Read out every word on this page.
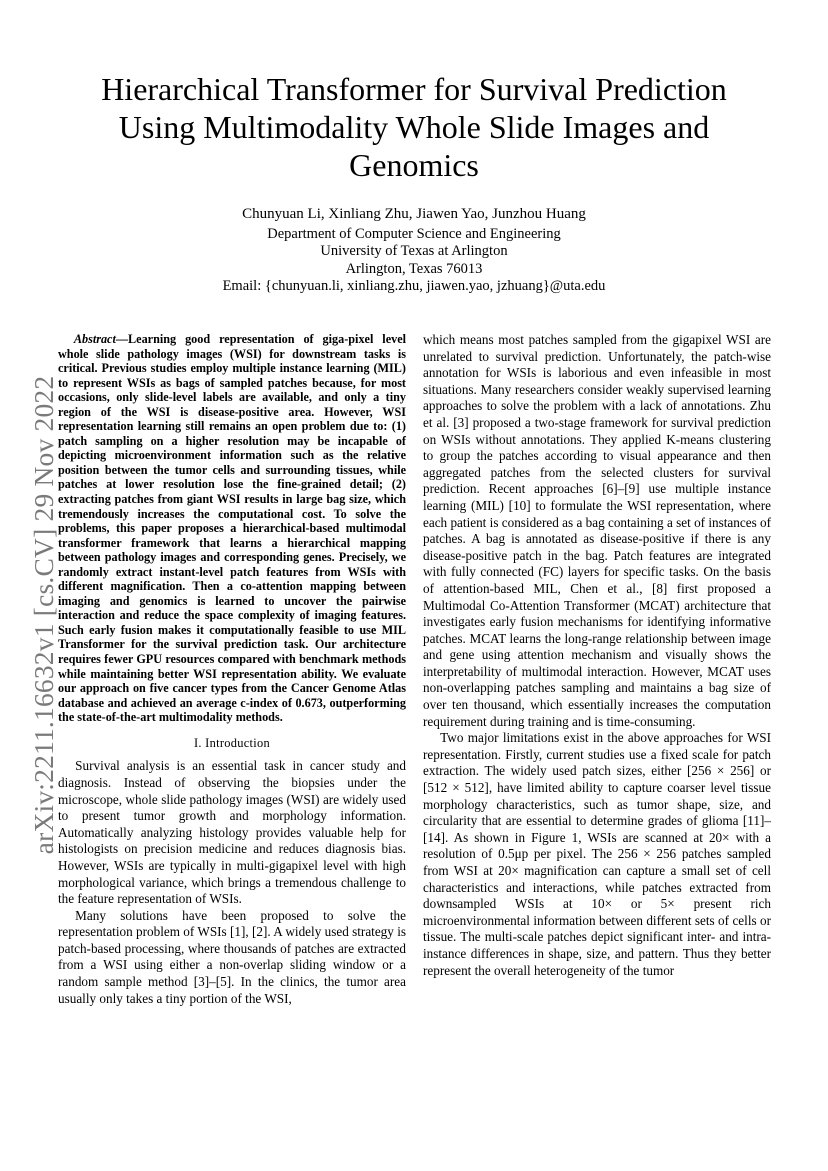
arXiv:2211.16632v1 [cs.CV] 29 Nov 2022
Hierarchical Transformer for Survival Prediction Using Multimodality Whole Slide Images and Genomics
Chunyuan Li, Xinliang Zhu, Jiawen Yao, Junzhou Huang
Department of Computer Science and Engineering
University of Texas at Arlington
Arlington, Texas 76013
Email: {chunyuan.li, xinliang.zhu, jiawen.yao, jzhuang}@uta.edu

Abstract—Learning good representation of giga-pixel level whole slide pathology images (WSI) for downstream tasks is critical. Previous studies employ multiple instance learning (MIL) to represent WSIs as bags of sampled patches because, for most occasions, only slide-level labels are available, and only a tiny region of the WSI is disease-positive area. However, WSI representation learning still remains an open problem due to: (1) patch sampling on a higher resolution may be incapable of depicting microenvironment information such as the relative position between the tumor cells and surrounding tissues, while patches at lower resolution lose the fine-grained detail; (2) extracting patches from giant WSI results in large bag size, which tremendously increases the computational cost. To solve the problems, this paper proposes a hierarchical-based multimodal transformer framework that learns a hierarchical mapping between pathology images and corresponding genes. Precisely, we randomly extract instant-level patch features from WSIs with different magnification. Then a co-attention mapping between imaging and genomics is learned to uncover the pairwise interaction and reduce the space complexity of imaging features. Such early fusion makes it computationally feasible to use MIL Transformer for the survival prediction task. Our architecture requires fewer GPU resources compared with benchmark methods while maintaining better WSI representation ability. We evaluate our approach on five cancer types from the Cancer Genome Atlas database and achieved an average c-index of 0.673, outperforming the state-of-the-art multimodality methods.

I. Introduction

Survival analysis is an essential task in cancer study and diagnosis. Instead of observing the biopsies under the microscope, whole slide pathology images (WSI) are widely used to present tumor growth and morphology information. Automatically analyzing histology provides valuable help for histologists on precision medicine and reduces diagnosis bias. However, WSIs are typically in multi-gigapixel level with high morphological variance, which brings a tremendous challenge to the feature representation of WSIs.

Many solutions have been proposed to solve the representation problem of WSIs [1], [2]. A widely used strategy is patch-based processing, where thousands of patches are extracted from a WSI using either a non-overlap sliding window or a random sample method [3]–[5]. In the clinics, the tumor area usually only takes a tiny portion of the WSI,

which means most patches sampled from the gigapixel WSI are unrelated to survival prediction. Unfortunately, the patch-wise annotation for WSIs is laborious and even infeasible in most situations. Many researchers consider weakly supervised learning approaches to solve the problem with a lack of annotations. Zhu et al. [3] proposed a two-stage framework for survival prediction on WSIs without annotations. They applied K-means clustering to group the patches according to visual appearance and then aggregated patches from the selected clusters for survival prediction. Recent approaches [6]–[9] use multiple instance learning (MIL) [10] to formulate the WSI representation, where each patient is considered as a bag containing a set of instances of patches. A bag is annotated as disease-positive if there is any disease-positive patch in the bag. Patch features are integrated with fully connected (FC) layers for specific tasks. On the basis of attention-based MIL, Chen et al., [8] first proposed a Multimodal Co-Attention Transformer (MCAT) architecture that investigates early fusion mechanisms for identifying informative patches. MCAT learns the long-range relationship between image and gene using attention mechanism and visually shows the interpretability of multimodal interaction. However, MCAT uses non-overlapping patches sampling and maintains a bag size of over ten thousand, which essentially increases the computation requirement during training and is time-consuming.

Two major limitations exist in the above approaches for WSI representation. Firstly, current studies use a fixed scale for patch extraction. The widely used patch sizes, either [256 × 256] or [512 × 512], have limited ability to capture coarser level tissue morphology characteristics, such as tumor shape, size, and circularity that are essential to determine grades of glioma [11]–[14]. As shown in Figure 1, WSIs are scanned at 20× with a resolution of 0.5μp per pixel. The 256 × 256 patches sampled from WSI at 20× magnification can capture a small set of cell characteristics and interactions, while patches extracted from downsampled WSIs at 10× or 5× present rich microenvironmental information between different sets of cells or tissue. The multi-scale patches depict significant inter- and intra-instance differences in shape, size, and pattern. Thus they better represent the overall heterogeneity of the tumor
